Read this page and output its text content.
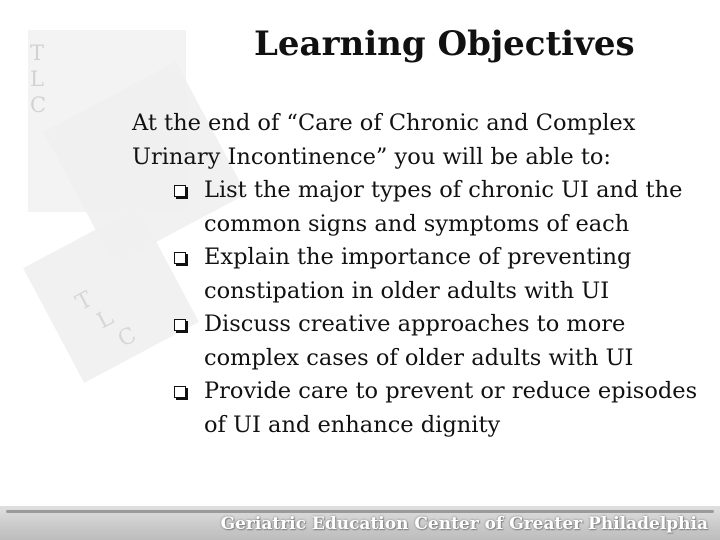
T
L
C
T
L
C
Learning Objectives

At the end of “Care of Chronic and Complex
Urinary Incontinence” you will be able to:

List the major types of chronic UI and the common signs and symptoms of each
Explain the importance of preventing constipation in older adults with UI
Discuss creative approaches to more complex cases of older adults with UI
Provide care to prevent or reduce episodes of UI and enhance dignity
Geriatric Education Center of Greater Philadelphia
